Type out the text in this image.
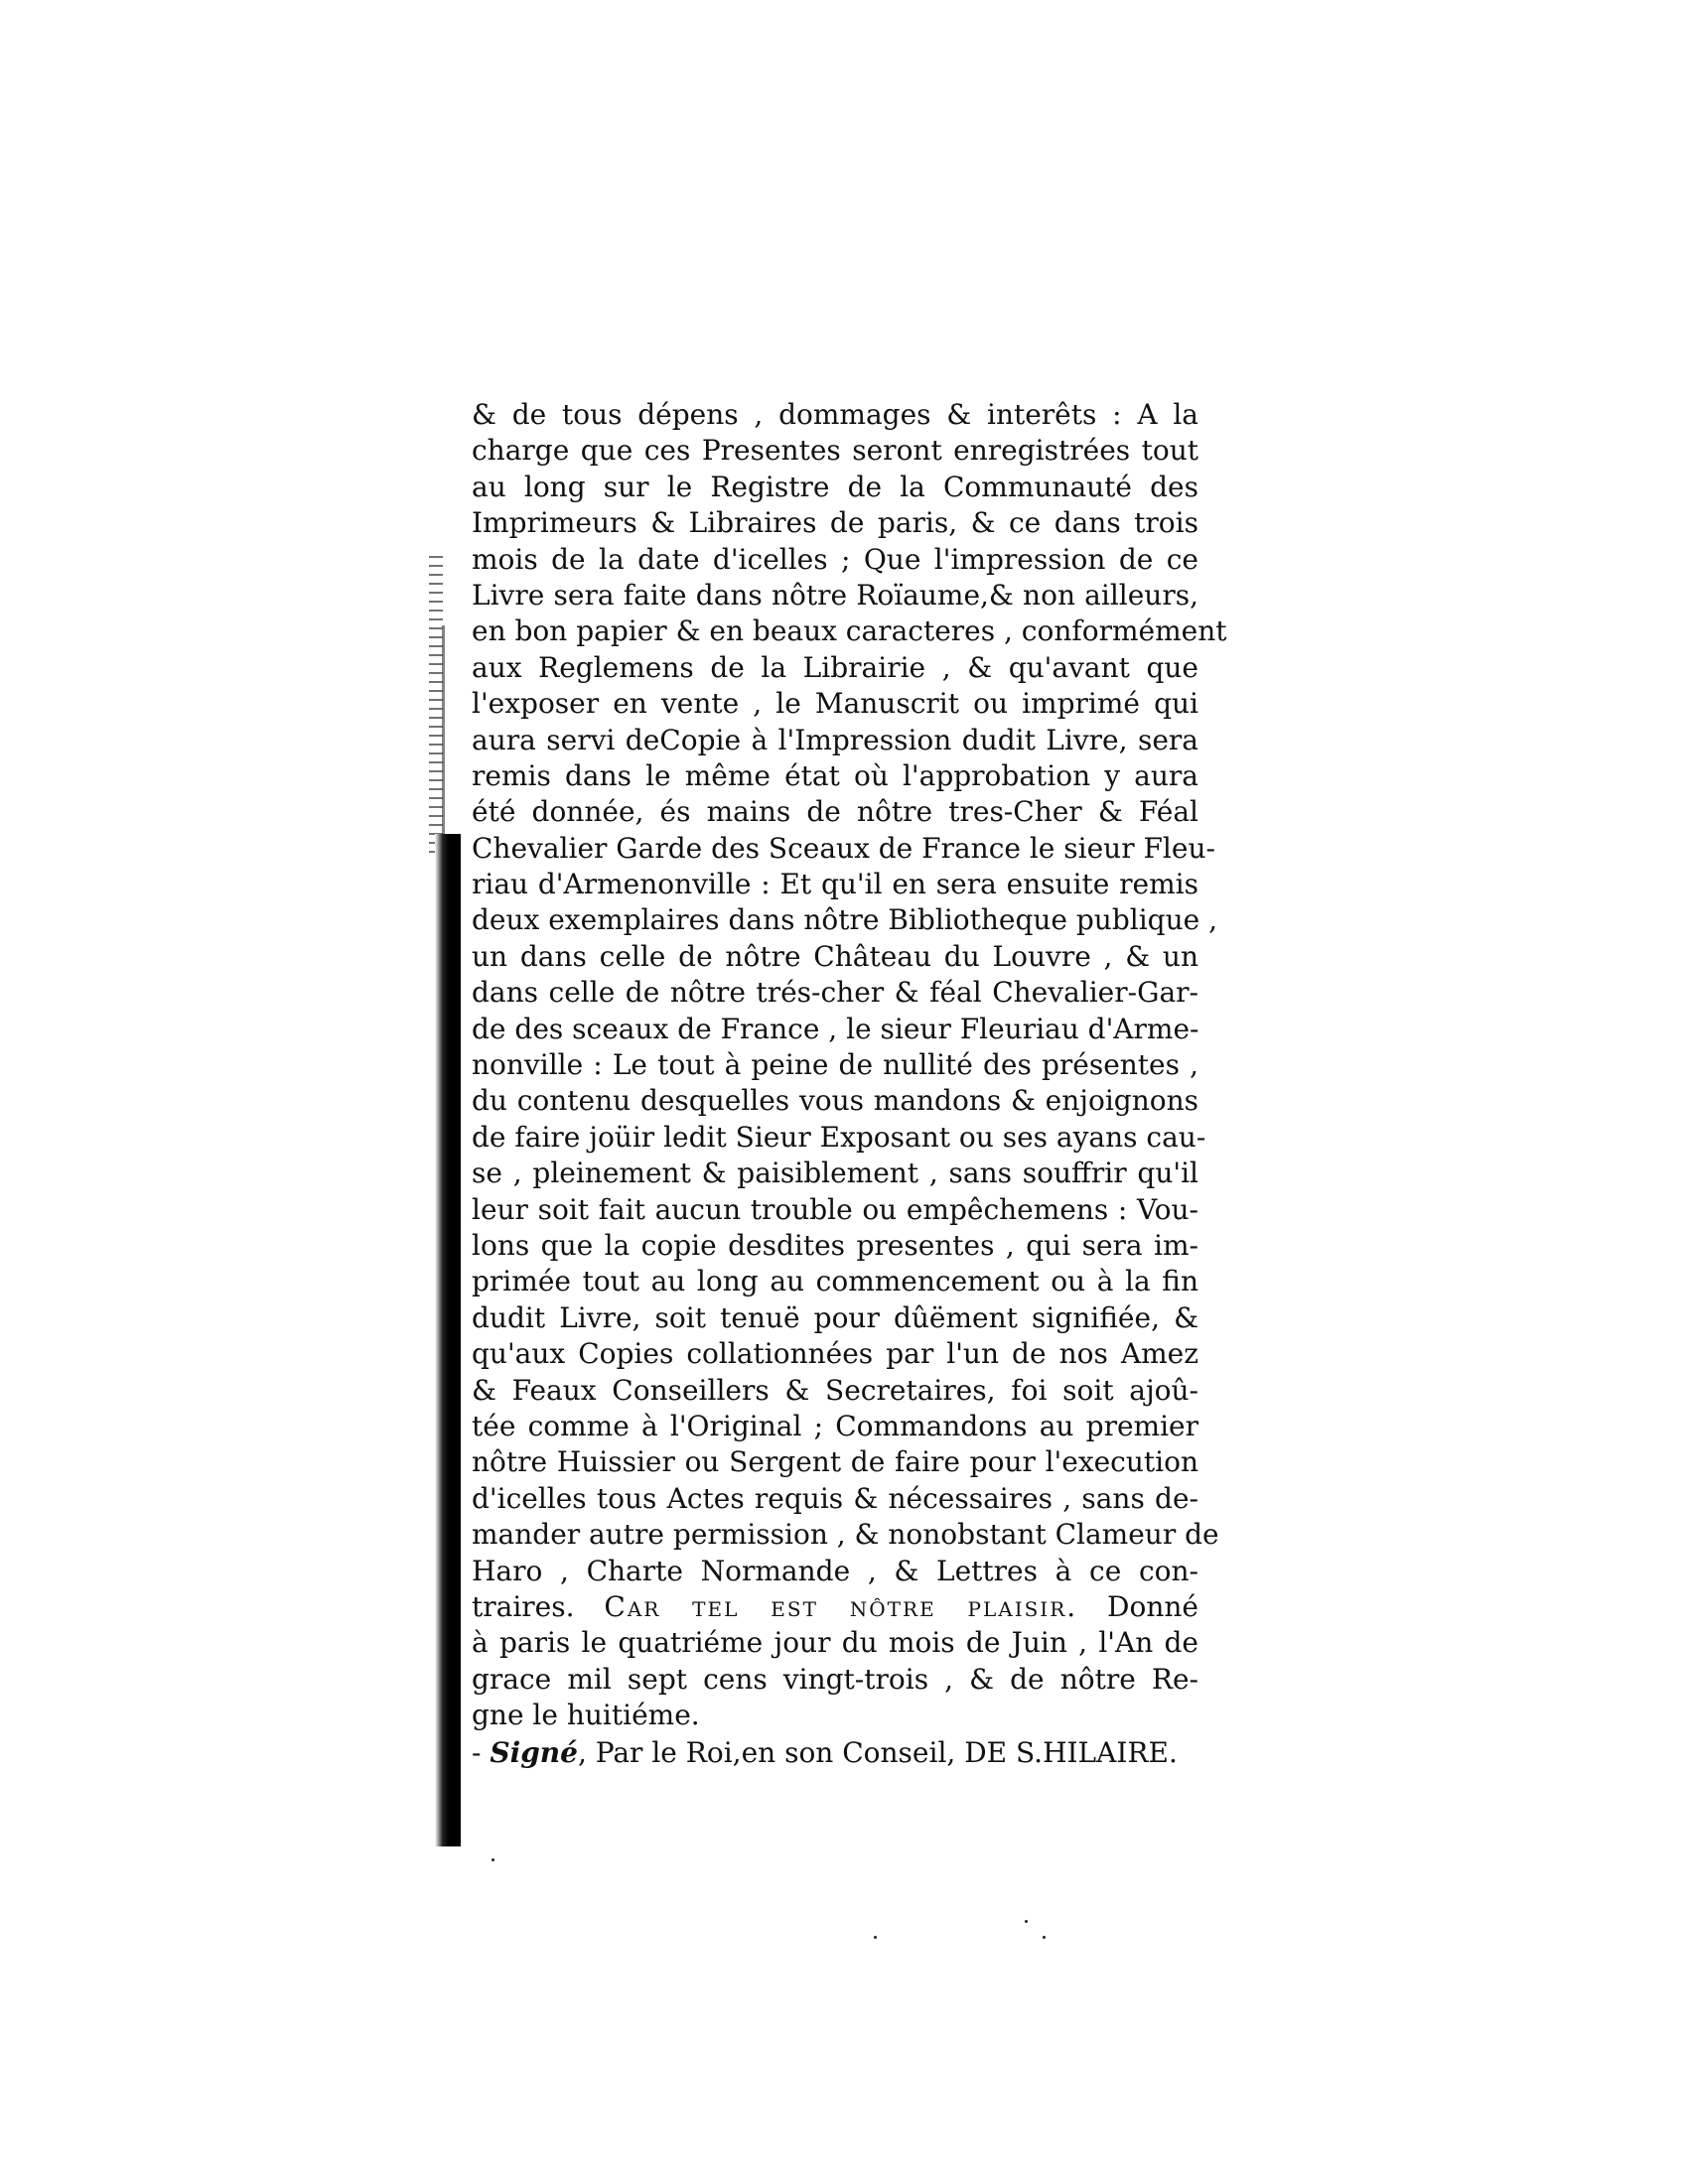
& de tous dépens , dommages & interêts : A la
charge que ces Presentes seront enregistrées tout
au long sur le Registre de la Communauté des
Imprimeurs & Libraires de paris, & ce dans trois
mois de la date d'icelles ; Que l'impression de ce
Livre sera faite dans nôtre Roïaume,& non ailleurs,
en bon papier & en beaux caracteres , conformément
aux Reglemens de la Librairie , & qu'avant que
l'exposer en vente , le Manuscrit ou imprimé qui
aura servi deCopie à l'Impression dudit Livre, sera
remis dans le même état où l'approbation y aura
été donnée, és mains de nôtre tres-Cher & Féal
Chevalier Garde des Sceaux de France le sieur Fleu-
riau d'Armenonville : Et qu'il en sera ensuite remis
deux exemplaires dans nôtre Bibliotheque publique ,
un dans celle de nôtre Château du Louvre , & un
dans celle de nôtre trés-cher & féal Chevalier-Gar-
de des sceaux de France , le sieur Fleuriau d'Arme-
nonville : Le tout à peine de nullité des présentes ,
du contenu desquelles vous mandons & enjoignons
de faire joüir ledit Sieur Exposant ou ses ayans cau-
se , pleinement & paisiblement , sans souffrir qu'il
leur soit fait aucun trouble ou empêchemens : Vou-
lons que la copie desdites presentes , qui sera im-
primée tout au long au commencement ou à la fin
dudit Livre, soit tenuë pour dûëment signifiée, &
qu'aux Copies collationnées par l'un de nos Amez
& Feaux Conseillers & Secretaires, foi soit ajoû-
tée comme à l'Original ; Commandons au premier
nôtre Huissier ou Sergent de faire pour l'execution
d'icelles tous Actes requis & nécessaires , sans de-
mander autre permission , & nonobstant Clameur de
Haro , Charte Normande , & Lettres à ce con-
traires. Car tel est nôtre plaisir. Donné
à paris le quatriéme jour du mois de Juin , l'An de
grace mil sept cens vingt-trois , & de nôtre Re-
gne le huitiéme.
- Signé, Par le Roi,en son Conseil, DE S.HILAIRE.
